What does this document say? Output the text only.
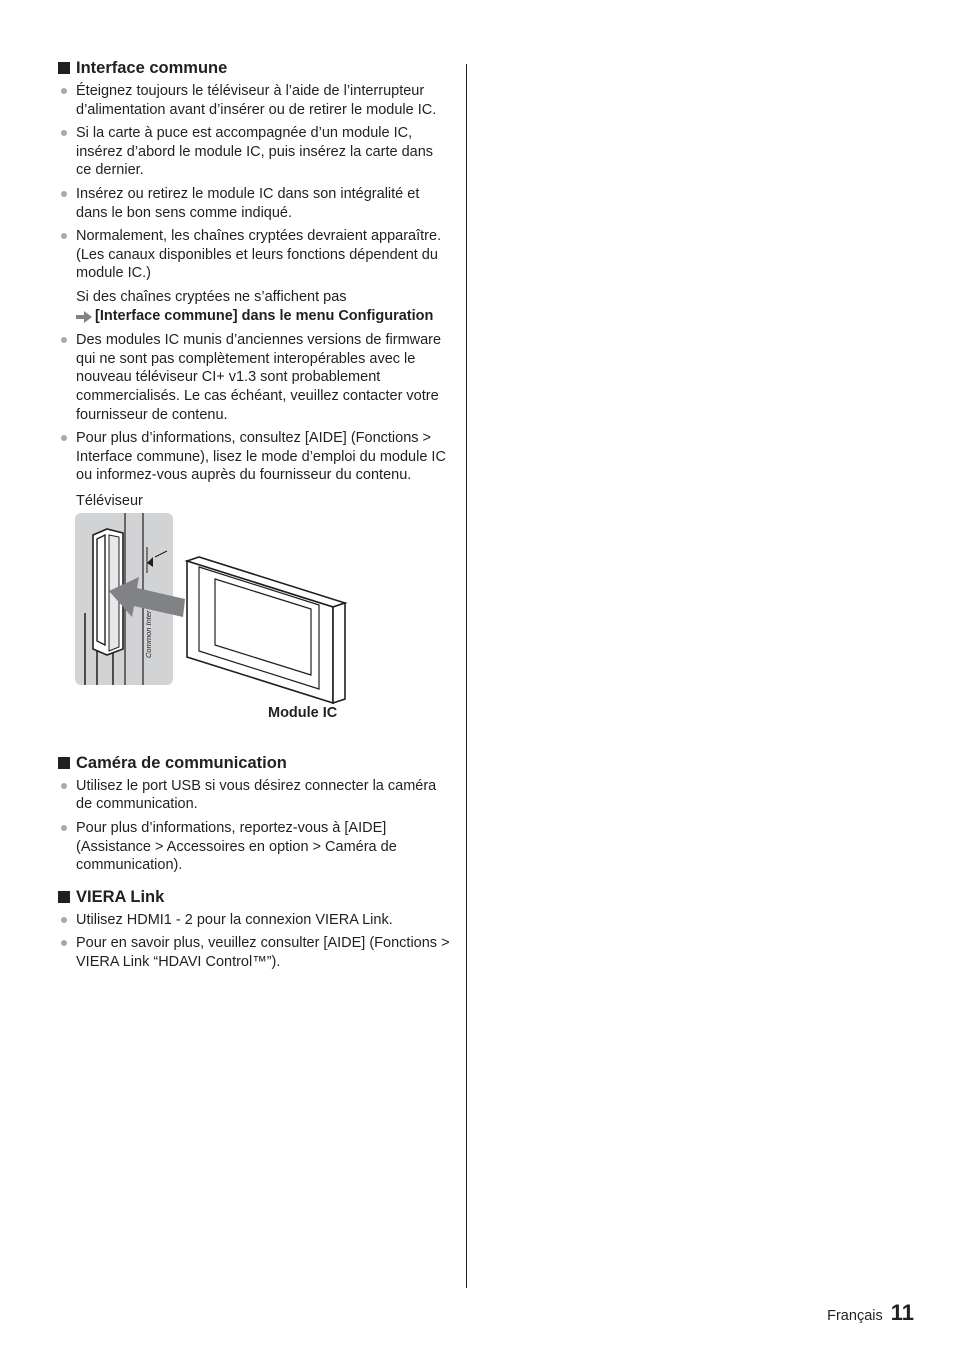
Interface commune
Éteignez toujours le téléviseur à l’aide de l’interrupteur d’alimentation avant d’insérer ou de retirer le module IC.
Si la carte à puce est accompagnée d’un module IC, insérez d’abord le module IC, puis insérez la carte dans ce dernier.
Insérez ou retirez le module IC dans son intégralité et dans le bon sens comme indiqué.
Normalement, les chaînes cryptées devraient apparaître. (Les canaux disponibles et leurs fonctions dépendent du module IC.)
Si des chaînes cryptées ne s’affichent pas
[Interface commune] dans le menu Configuration
Des modules IC munis d’anciennes versions de firmware qui ne sont pas complètement interopérables avec le nouveau téléviseur CI+ v1.3 sont probablement commercialisés. Le cas échéant, veuillez contacter votre fournisseur de contenu.
Pour plus d’informations, consultez [AIDE] (Fonctions > Interface commune), lisez le mode d’emploi du module IC ou informez-vous auprès du fournisseur du contenu.
Téléviseur
Common Inter
Module IC
Caméra de communication
Utilisez le port USB si vous désirez connecter la caméra de communication.
Pour plus d’informations, reportez-vous à [AIDE] (Assistance > Accessoires en option > Caméra de communication).
VIERA Link
Utilisez HDMI1 - 2 pour la connexion VIERA Link.
Pour en savoir plus, veuillez consulter [AIDE] (Fonctions > VIERA Link “HDAVI Control™”).
Français 11
